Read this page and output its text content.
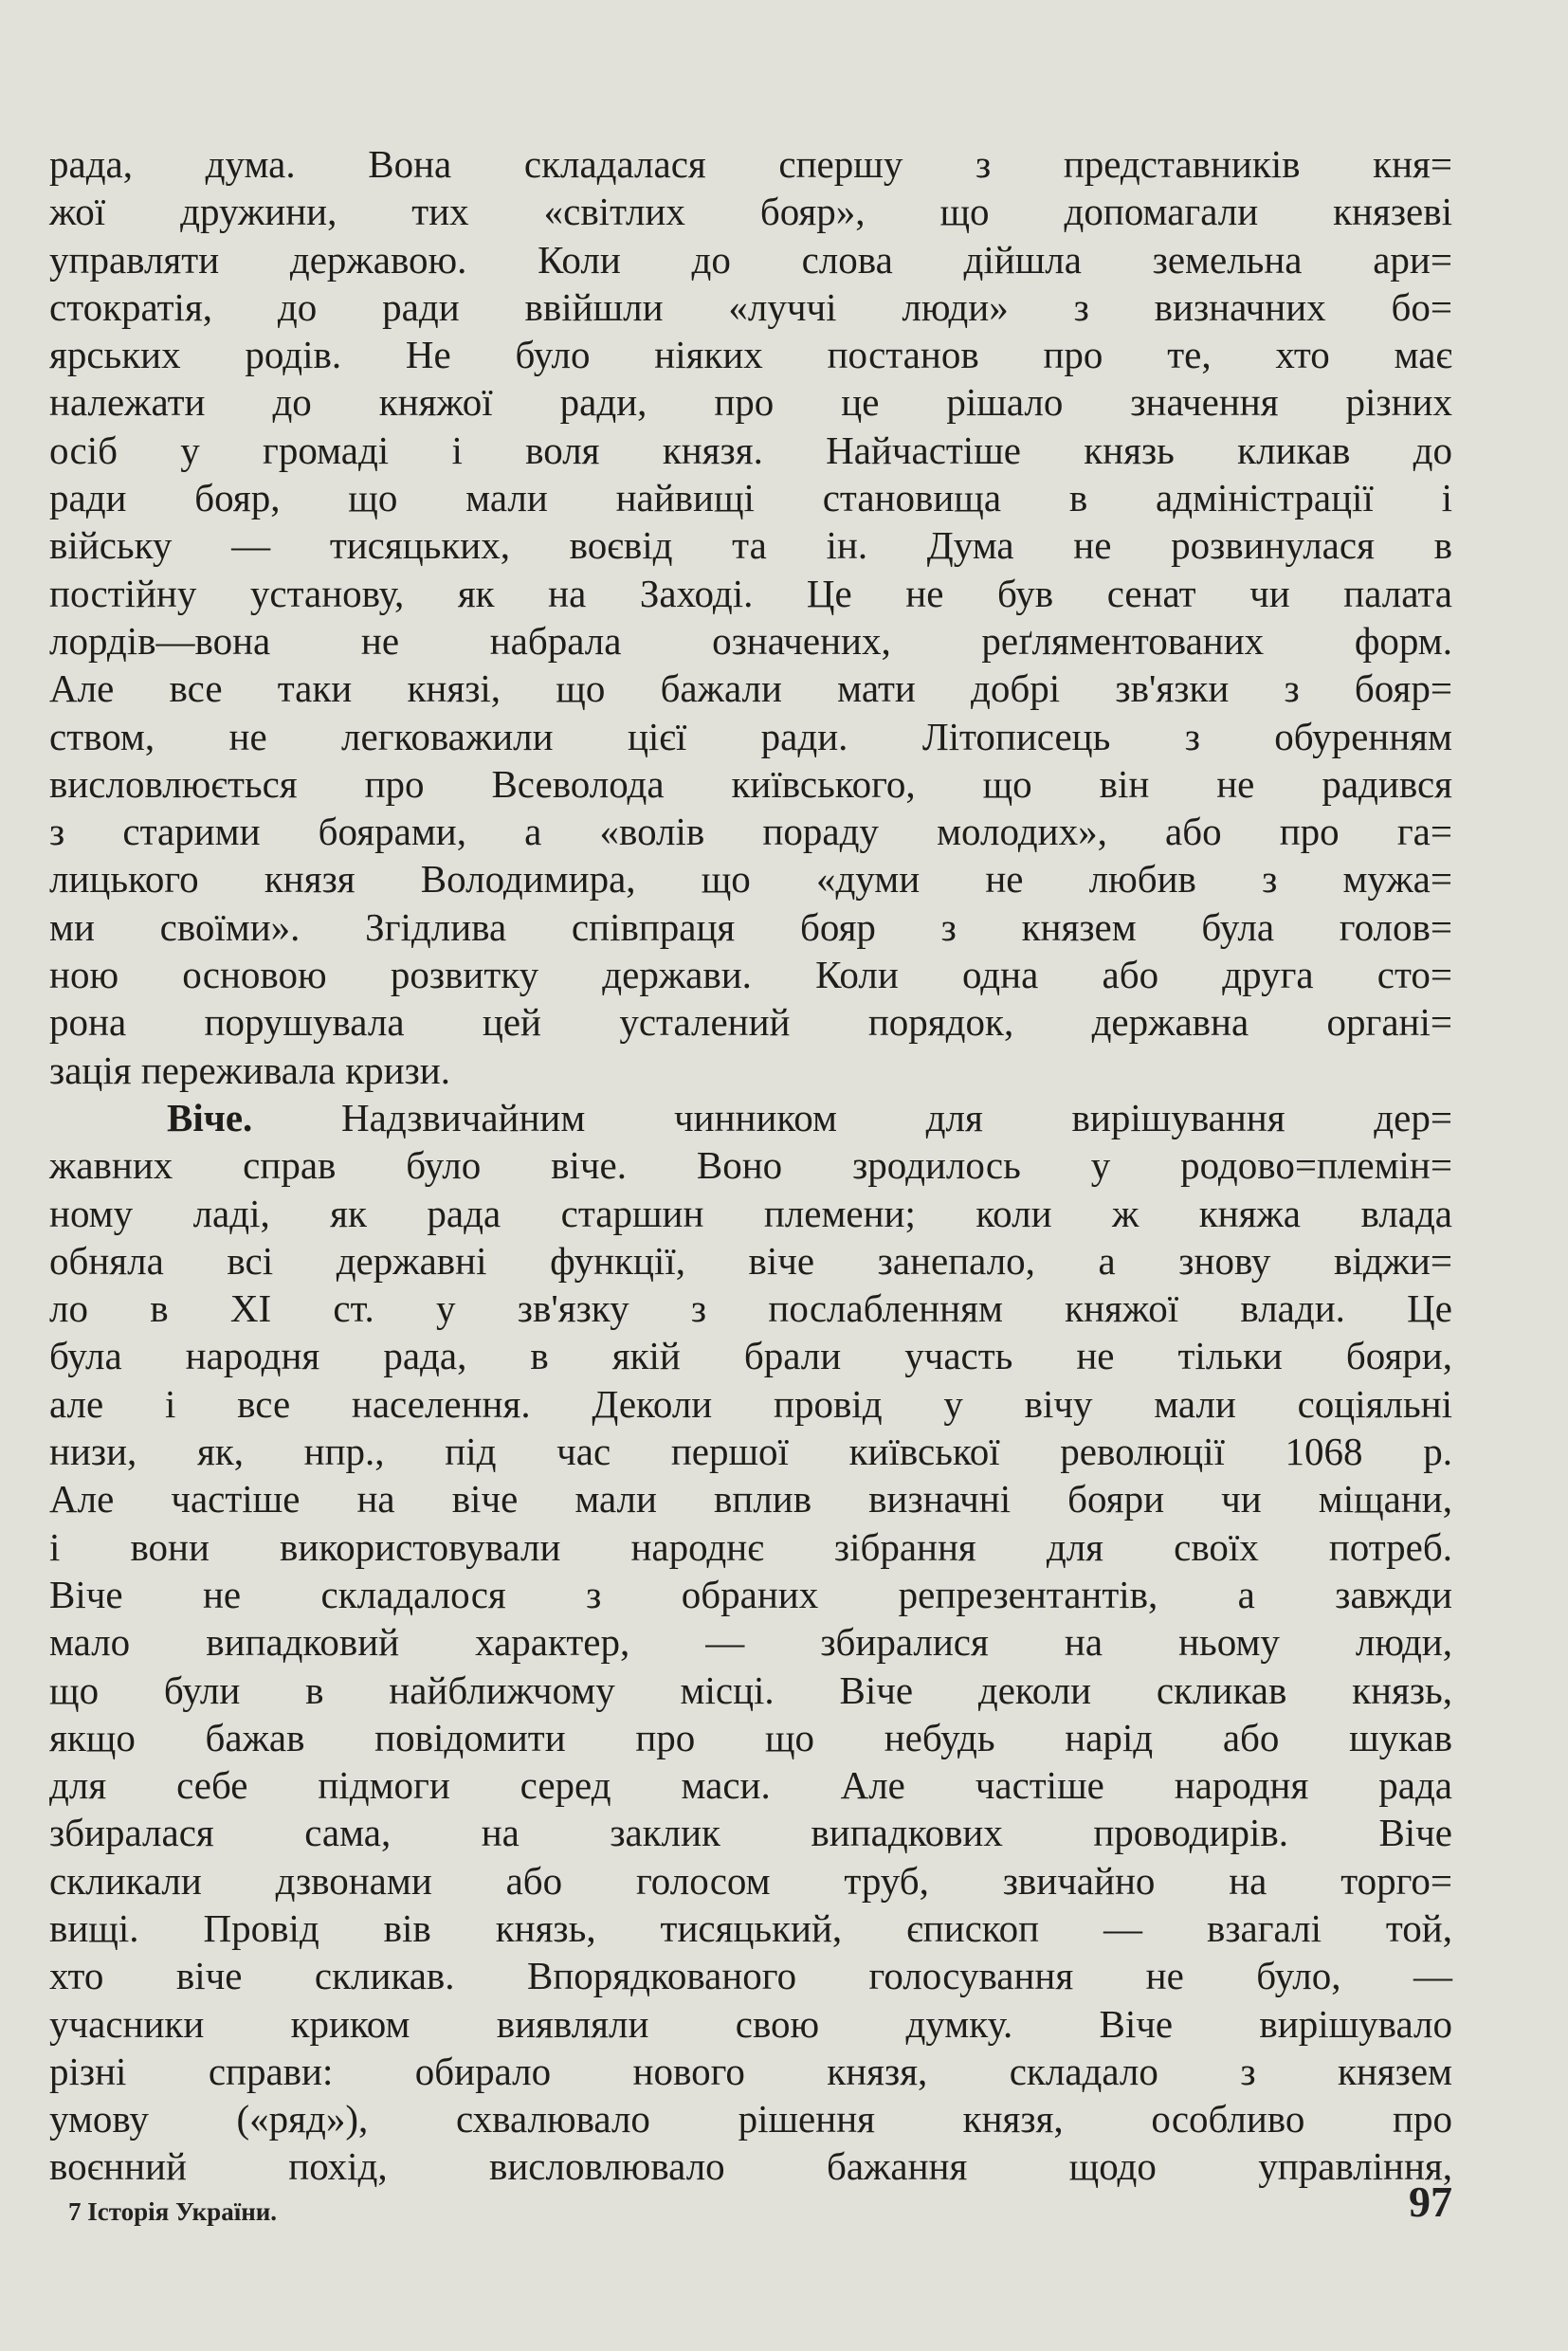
рада, дума. Вона складалася спершу з представників кня=
жої дружини, тих «світлих бояр», що допомагали князеві
управляти державою. Коли до слова дійшла земельна ари=
стократія, до ради ввійшли «луччі люди» з визначних бо=
ярських родів. Не було ніяких постанов про те, хто має
належати до княжої ради, про це рішало значення різних
осіб у громаді і воля князя. Найчастіше князь кликав до
ради бояр, що мали найвищі становища в адміністрації і
війську — тисяцьких, воєвід та ін. Дума не розвинулася в
постійну установу, як на Заході. Це не був сенат чи палата
лордів—вона не набрала означених, реґляментованих форм.
Але все таки князі, що бажали мати добрі зв'язки з бояр=
ством, не легковажили цієї ради. Літописець з обуренням
висловлюється про Всеволода київського, що він не радився
з старими боярами, а «волів пораду молодих», або про га=
лицького князя Володимира, що «думи не любив з мужа=
ми своїми». Згідлива співпраця бояр з князем була голов=
ною основою розвитку держави. Коли одна або друга сто=
рона порушувала цей усталений порядок, державна органі=
зація переживала кризи.
Віче. Надзвичайним чинником для вирішування дер=
жавних справ було віче. Воно зродилось у родово=племін=
ному ладі, як рада старшин племени; коли ж княжа влада
обняла всі державні функції, віче занепало, а знову віджи=
ло в XI ст. у зв'язку з послабленням княжої влади. Це
була народня рада, в якій брали участь не тільки бояри,
але і все населення. Деколи провід у вічу мали соціяльні
низи, як, нпр., під час першої київської революції 1068 р.
Але частіше на віче мали вплив визначні бояри чи міщани,
і вони використовували народнє зібрання для своїх потреб.
Віче не складалося з обраних репрезентантів, а завжди
мало випадковий характер, — збиралися на ньому люди,
що були в найближчому місці. Віче деколи скликав князь,
якщо бажав повідомити про що небудь нарід або шукав
для себе підмоги серед маси. Але частіше народня рада
збиралася сама, на заклик випадкових проводирів. Віче
скликали дзвонами або голосом труб, звичайно на торго=
вищі. Провід вів князь, тисяцький, єпископ — взагалі той,
хто віче скликав. Впорядкованого голосування не було, —
учасники криком виявляли свою думку. Віче вирішувало
різні справи: обирало нового князя, складало з князем
умову («ряд»), схвалювало рішення князя, особливо про
воєнний похід, висловлювало бажання щодо управління,
7 Історія України.	97
